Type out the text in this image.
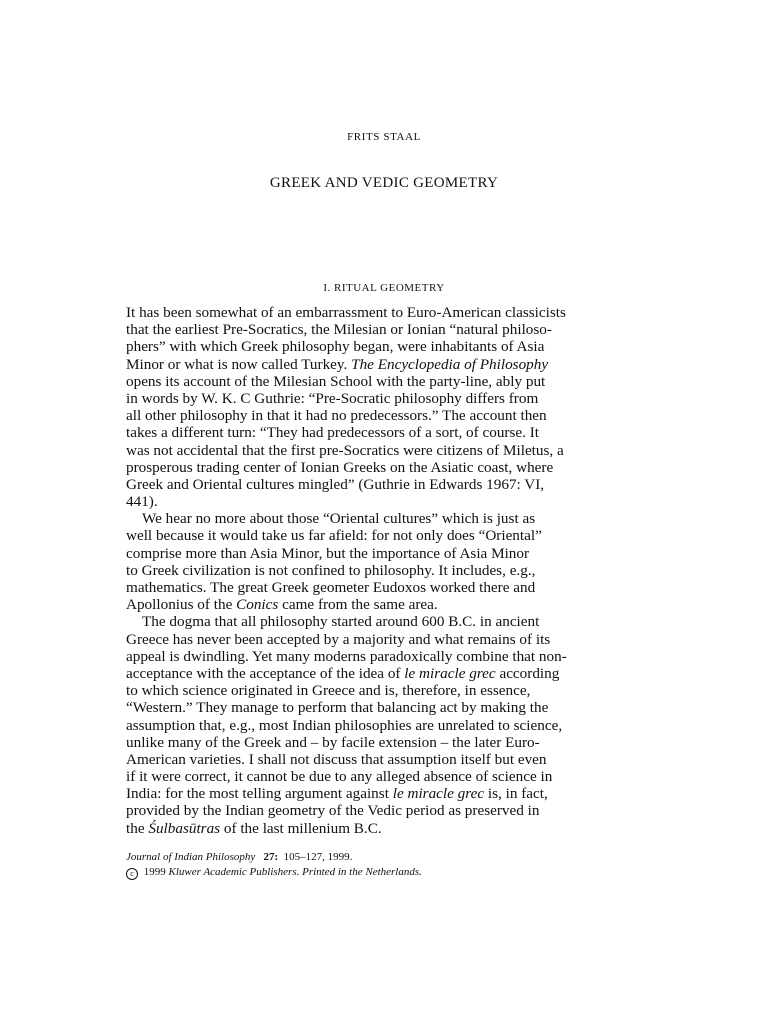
FRITS STAAL
GREEK AND VEDIC GEOMETRY
I. RITUAL GEOMETRY
It has been somewhat of an embarrassment to Euro-American classicists
that the earliest Pre-Socratics, the Milesian or Ionian “natural philoso-
phers” with which Greek philosophy began, were inhabitants of Asia
Minor or what is now called Turkey. The Encyclopedia of Philosophy
opens its account of the Milesian School with the party-line, ably put
in words by W. K. C Guthrie: “Pre-Socratic philosophy differs from
all other philosophy in that it had no predecessors.” The account then
takes a different turn: “They had predecessors of a sort, of course. It
was not accidental that the first pre-Socratics were citizens of Miletus, a
prosperous trading center of Ionian Greeks on the Asiatic coast, where
Greek and Oriental cultures mingled” (Guthrie in Edwards 1967: VI,
441).
We hear no more about those “Oriental cultures” which is just as
well because it would take us far afield: for not only does “Oriental”
comprise more than Asia Minor, but the importance of Asia Minor
to Greek civilization is not confined to philosophy. It includes, e.g.,
mathematics. The great Greek geometer Eudoxos worked there and
Apollonius of the Conics came from the same area.
The dogma that all philosophy started around 600 B.C. in ancient
Greece has never been accepted by a majority and what remains of its
appeal is dwindling. Yet many moderns paradoxically combine that non-
acceptance with the acceptance of the idea of le miracle grec according
to which science originated in Greece and is, therefore, in essence,
“Western.” They manage to perform that balancing act by making the
assumption that, e.g., most Indian philosophies are unrelated to science,
unlike many of the Greek and – by facile extension – the later Euro-
American varieties. I shall not discuss that assumption itself but even
if it were correct, it cannot be due to any alleged absence of science in
India: for the most telling argument against le miracle grec is, in fact,
provided by the Indian geometry of the Vedic period as preserved in
the Śulbasūtras of the last millenium B.C.
Journal of Indian Philosophy 27: 105–127, 1999.
c 1999 Kluwer Academic Publishers. Printed in the Netherlands.
